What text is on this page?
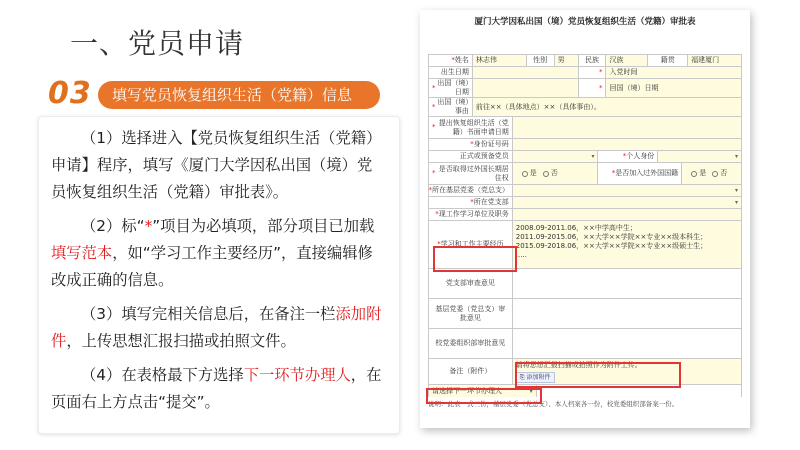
一、党员申请
03	填写党员恢复组织生活（党籍）信息
（1）选择进入【党员恢复组织生活（党籍）申请】程序，填写《厦门大学因私出国（境）党员恢复组织生活（党籍）审批表》。
（2）标“*”项目为必填项，部分项目已加载填写范本，如“学习工作主要经历”，直接编辑修改成正确的信息。
（3）填写完相关信息后，在备注一栏添加附件，上传思想汇报扫描或拍照文件。
（4）在表格最下方选择下一环节办理人，在页面右上方点击“提交”。
厦门大学因私出国（境）党员恢复组织生活（党籍）审批表
* 姓名	林志伟	性别	男	民族	汉族	籍贯	福建厦门
出生日期	* 入党时间
*
出国（境）日期
* 回国（境）日期
*
出国（境）事由
前往××（具体地点）××（具体事由）。
*
提出恢复组织生活（党籍）书面申请日期
* 身份证号码
正式或预备党员
▾	* 个人身份
▾
*
是否取得过外国长期居住权
是 否	* 是否加入过外国国籍	是 否
* 所在基层党委（党总支）
▾
* 所在党支部
▾
* 现工作学习单位及职务
* 学习和工作主要经历
2008.09-2011.06，××中学高中生；
2011.09-2015.06，××大学××学院××专业××级本科生；
2015.09-2018.06，××大学××学院××专业××级硕士生；
.....
党支部审查意见
基层党委（党总支）审批意见
校党委组织部审批意见
备注（附件）
请将思想汇报扫描或拍照作为附件上传。
⎘ 添加附件
请选择下一环节办理人 ▾
说明：此表一式三份，基层党委（党总支）、本人档案各一份，校党委组织部备案一份。
